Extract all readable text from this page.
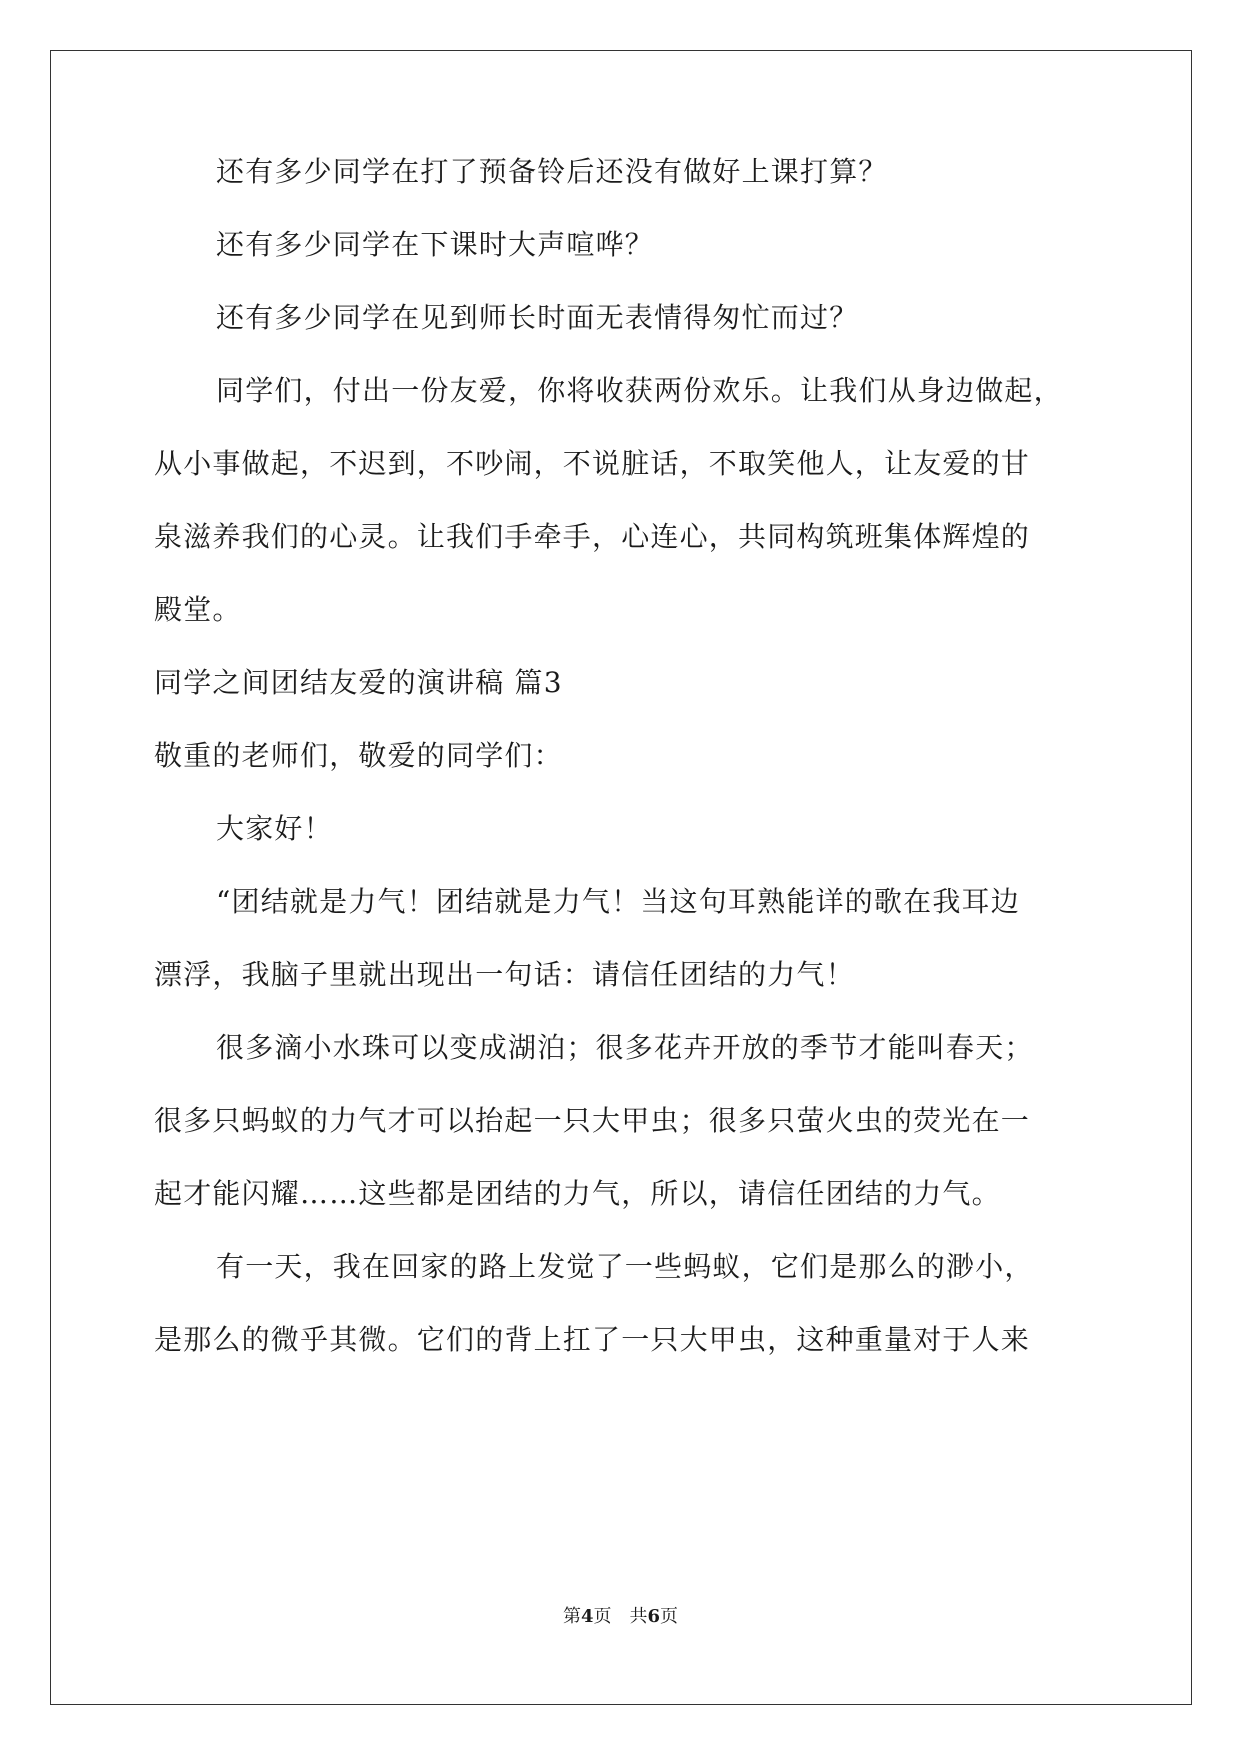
还有多少同学在打了预备铃后还没有做好上课打算？
还有多少同学在下课时大声喧哗？
还有多少同学在见到师长时面无表情得匆忙而过？
同学们，付出一份友爱，你将收获两份欢乐。让我们从身边做起，
从小事做起，不迟到，不吵闹，不说脏话，不取笑他人，让友爱的甘
泉滋养我们的心灵。让我们手牵手，心连心，共同构筑班集体辉煌的
殿堂。
同学之间团结友爱的演讲稿 篇3
敬重的老师们，敬爱的同学们：
大家好！
“团结就是力气！团结就是力气！当这句耳熟能详的歌在我耳边
漂浮，我脑子里就出现出一句话：请信任团结的力气！
很多滴小水珠可以变成湖泊；很多花卉开放的季节才能叫春天；
很多只蚂蚁的力气才可以抬起一只大甲虫；很多只萤火虫的荧光在一
起才能闪耀……这些都是团结的力气，所以，请信任团结的力气。
有一天，我在回家的路上发觉了一些蚂蚁，它们是那么的渺小，
是那么的微乎其微。它们的背上扛了一只大甲虫，这种重量对于人来
第4页　共6页
